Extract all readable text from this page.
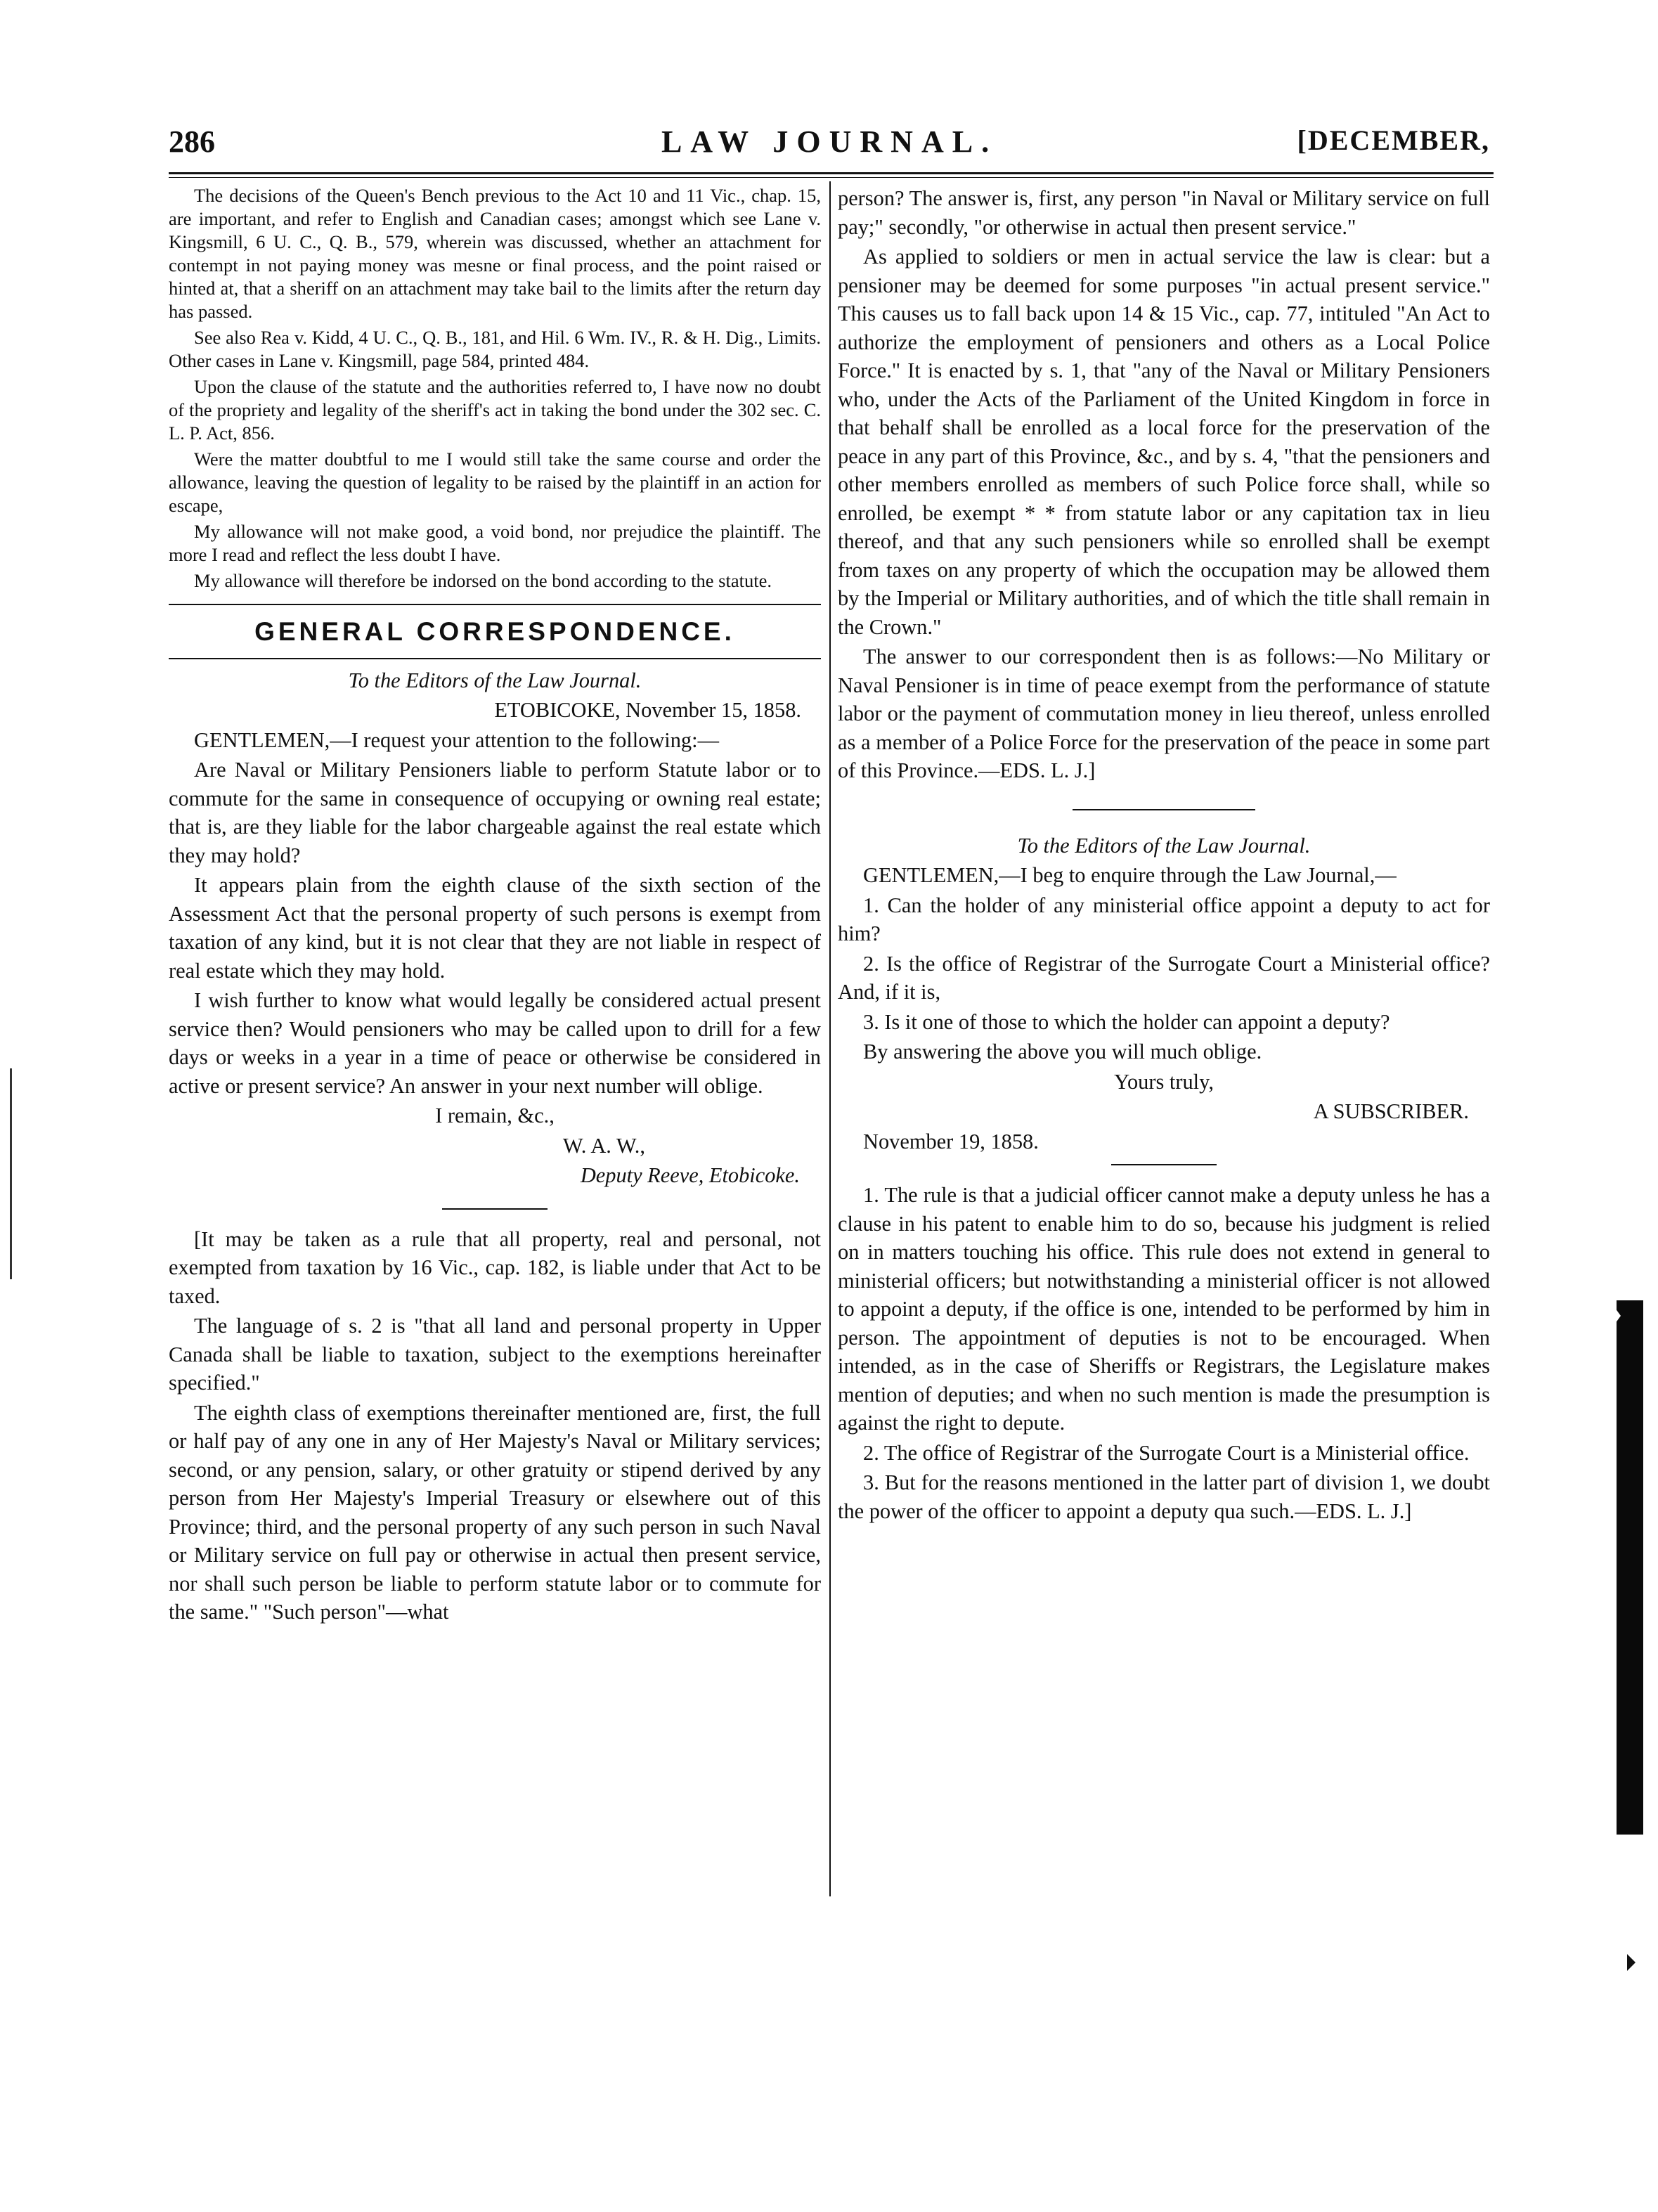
286	LAW JOURNAL.	[DECEMBER,

The decisions of the Queen's Bench previous to the Act 10 and 11 Vic., chap. 15, are important, and refer to English and Canadian cases; amongst which see Lane v. Kingsmill, 6 U. C., Q. B., 579, wherein was discussed, whether an attachment for contempt in not paying money was mesne or final process, and the point raised or hinted at, that a sheriff on an attachment may take bail to the limits after the return day has passed.

See also Rea v. Kidd, 4 U. C., Q. B., 181, and Hil. 6 Wm. IV., R. & H. Dig., Limits. Other cases in Lane v. Kingsmill, page 584, printed 484.

Upon the clause of the statute and the authorities referred to, I have now no doubt of the propriety and legality of the sheriff's act in taking the bond under the 302 sec. C. L. P. Act, 856.

Were the matter doubtful to me I would still take the same course and order the allowance, leaving the question of legality to be raised by the plaintiff in an action for escape,

My allowance will not make good, a void bond, nor prejudice the plaintiff. The more I read and reflect the less doubt I have.

My allowance will therefore be indorsed on the bond according to the statute.

GENERAL CORRESPONDENCE.

To the Editors of the Law Journal.

ETOBICOKE, November 15, 1858.

GENTLEMEN,—I request your attention to the following:—

Are Naval or Military Pensioners liable to perform Statute labor or to commute for the same in consequence of occupying or owning real estate; that is, are they liable for the labor chargeable against the real estate which they may hold?

It appears plain from the eighth clause of the sixth section of the Assessment Act that the personal property of such persons is exempt from taxation of any kind, but it is not clear that they are not liable in respect of real estate which they may hold.

I wish further to know what would legally be considered actual present service then? Would pensioners who may be called upon to drill for a few days or weeks in a year in a time of peace or otherwise be considered in active or present service? An answer in your next number will oblige.

I remain, &c.,

W. A. W.,

Deputy Reeve, Etobicoke.

[It may be taken as a rule that all property, real and personal, not exempted from taxation by 16 Vic., cap. 182, is liable under that Act to be taxed.

The language of s. 2 is "that all land and personal property in Upper Canada shall be liable to taxation, subject to the exemptions hereinafter specified."

The eighth class of exemptions thereinafter mentioned are, first, the full or half pay of any one in any of Her Majesty's Naval or Military services; second, or any pension, salary, or other gratuity or stipend derived by any person from Her Majesty's Imperial Treasury or elsewhere out of this Province; third, and the personal property of any such person in such Naval or Military service on full pay or otherwise in actual then present service, nor shall such person be liable to perform statute labor or to commute for the same." "Such person"—what

person? The answer is, first, any person "in Naval or Military service on full pay;" secondly, "or otherwise in actual then present service."

As applied to soldiers or men in actual service the law is clear: but a pensioner may be deemed for some purposes "in actual present service." This causes us to fall back upon 14 & 15 Vic., cap. 77, intituled "An Act to authorize the employment of pensioners and others as a Local Police Force." It is enacted by s. 1, that "any of the Naval or Military Pensioners who, under the Acts of the Parliament of the United Kingdom in force in that behalf shall be enrolled as a local force for the preservation of the peace in any part of this Province, &c., and by s. 4, "that the pensioners and other members enrolled as members of such Police force shall, while so enrolled, be exempt * * from statute labor or any capitation tax in lieu thereof, and that any such pensioners while so enrolled shall be exempt from taxes on any property of which the occupation may be allowed them by the Imperial or Military authorities, and of which the title shall remain in the Crown."

The answer to our correspondent then is as follows:—No Military or Naval Pensioner is in time of peace exempt from the performance of statute labor or the payment of commutation money in lieu thereof, unless enrolled as a member of a Police Force for the preservation of the peace in some part of this Province.—EDS. L. J.]

To the Editors of the Law Journal.

GENTLEMEN,—I beg to enquire through the Law Journal,—

1. Can the holder of any ministerial office appoint a deputy to act for him?

2. Is the office of Registrar of the Surrogate Court a Ministerial office? And, if it is,

3. Is it one of those to which the holder can appoint a deputy?

By answering the above you will much oblige.

Yours truly,

A SUBSCRIBER.

November 19, 1858.

1. The rule is that a judicial officer cannot make a deputy unless he has a clause in his patent to enable him to do so, because his judgment is relied on in matters touching his office. This rule does not extend in general to ministerial officers; but notwithstanding a ministerial officer is not allowed to appoint a deputy, if the office is one, intended to be performed by him in person. The appointment of deputies is not to be encouraged. When intended, as in the case of Sheriffs or Registrars, the Legislature makes mention of deputies; and when no such mention is made the presumption is against the right to depute.

2. The office of Registrar of the Surrogate Court is a Ministerial office.

3. But for the reasons mentioned in the latter part of division 1, we doubt the power of the officer to appoint a deputy qua such.—EDS. L. J.]
